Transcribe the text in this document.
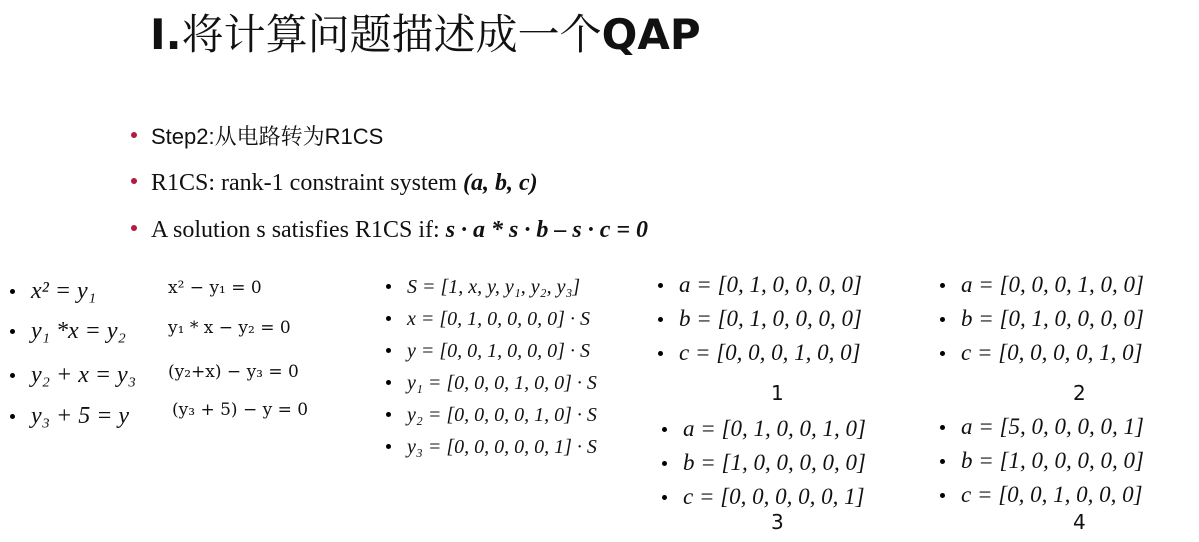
I.将计算问题描述成一个QAP
Step2:从电路转为R1CS
R1CS: rank-1 constraint system (a, b, c)
A solution s satisfies R1CS if: s · a * s · b – s · c = 0
x² = y₁	x² − y₁ = 0
y₁ *x = y₂ y₁ * x − y₂ = 0
y₂ + x = y₃ (y₂+x) − y₃ = 0
y₃ + 5 = y	(y₃ + 5) − y = 0
S = [1, x, y, y₁, y₂, y₃]
x = [0, 1, 0, 0, 0, 0] · S
y = [0, 0, 1, 0, 0, 0] · S
y₁ = [0, 0, 0, 1, 0, 0] · S
y₂ = [0, 0, 0, 0, 1, 0] · S
y₃ = [0, 0, 0, 0, 0, 1] · S
a = [0, 1, 0, 0, 0, 0]
b = [0, 1, 0, 0, 0, 0]
c = [0, 0, 0, 1, 0, 0]
1
a = [0, 0, 0, 1, 0, 0]
b = [0, 1, 0, 0, 0, 0]
c = [0, 0, 0, 0, 1, 0]
2
a = [0, 1, 0, 0, 1, 0]
b = [1, 0, 0, 0, 0, 0]
c = [0, 0, 0, 0, 0, 1]
3
a = [5, 0, 0, 0, 0, 1]
b = [1, 0, 0, 0, 0, 0]
c = [0, 0, 1, 0, 0, 0]
4
